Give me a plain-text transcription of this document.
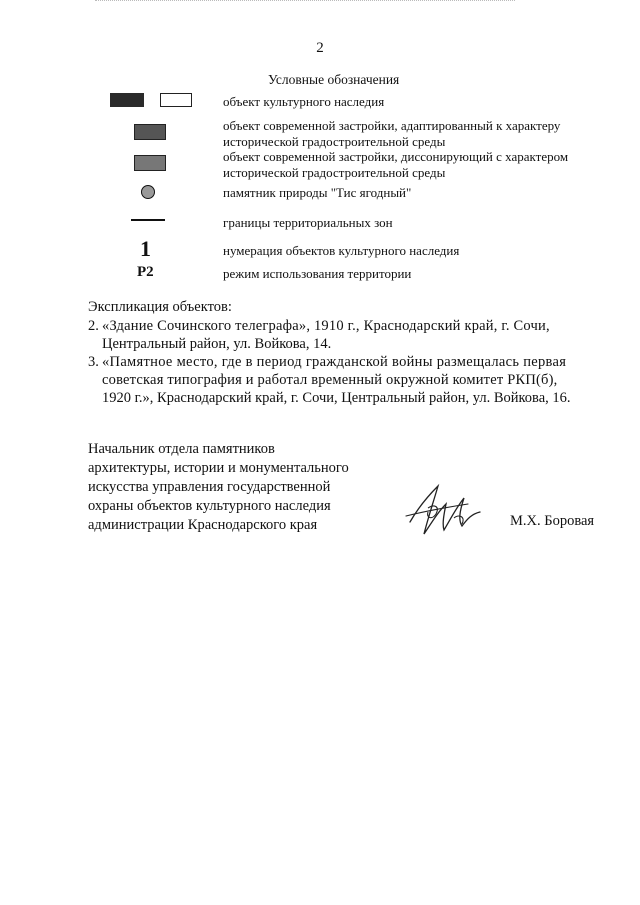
2
Условные обозначения
объект культурного наследия
объект современной застройки, адаптированный к характеру
исторической градостроительной среды
объект современной застройки, диссонирующий с характером
исторической градостроительной среды
памятник природы "Тис ягодный"
границы территориальных зон
1	нумерация объектов культурного наследия
Р2	режим использования территории
Экспликация объектов:
2. «Здание Сочинского телеграфа», 1910 г., Краснодарский край, г. Сочи,
Центральный район, ул. Войкова, 14.
3. «Памятное место, где в период гражданской войны размещалась первая
советская типография и работал временный окружной комитет РКП(б),
1920 г.», Краснодарский край, г. Сочи, Центральный район, ул. Войкова, 16.
Начальник отдела памятников
архитектуры, истории и монументального
искусства управления государственной
охраны объектов культурного наследия
администрации Краснодарского края	М.Х. Боровая
